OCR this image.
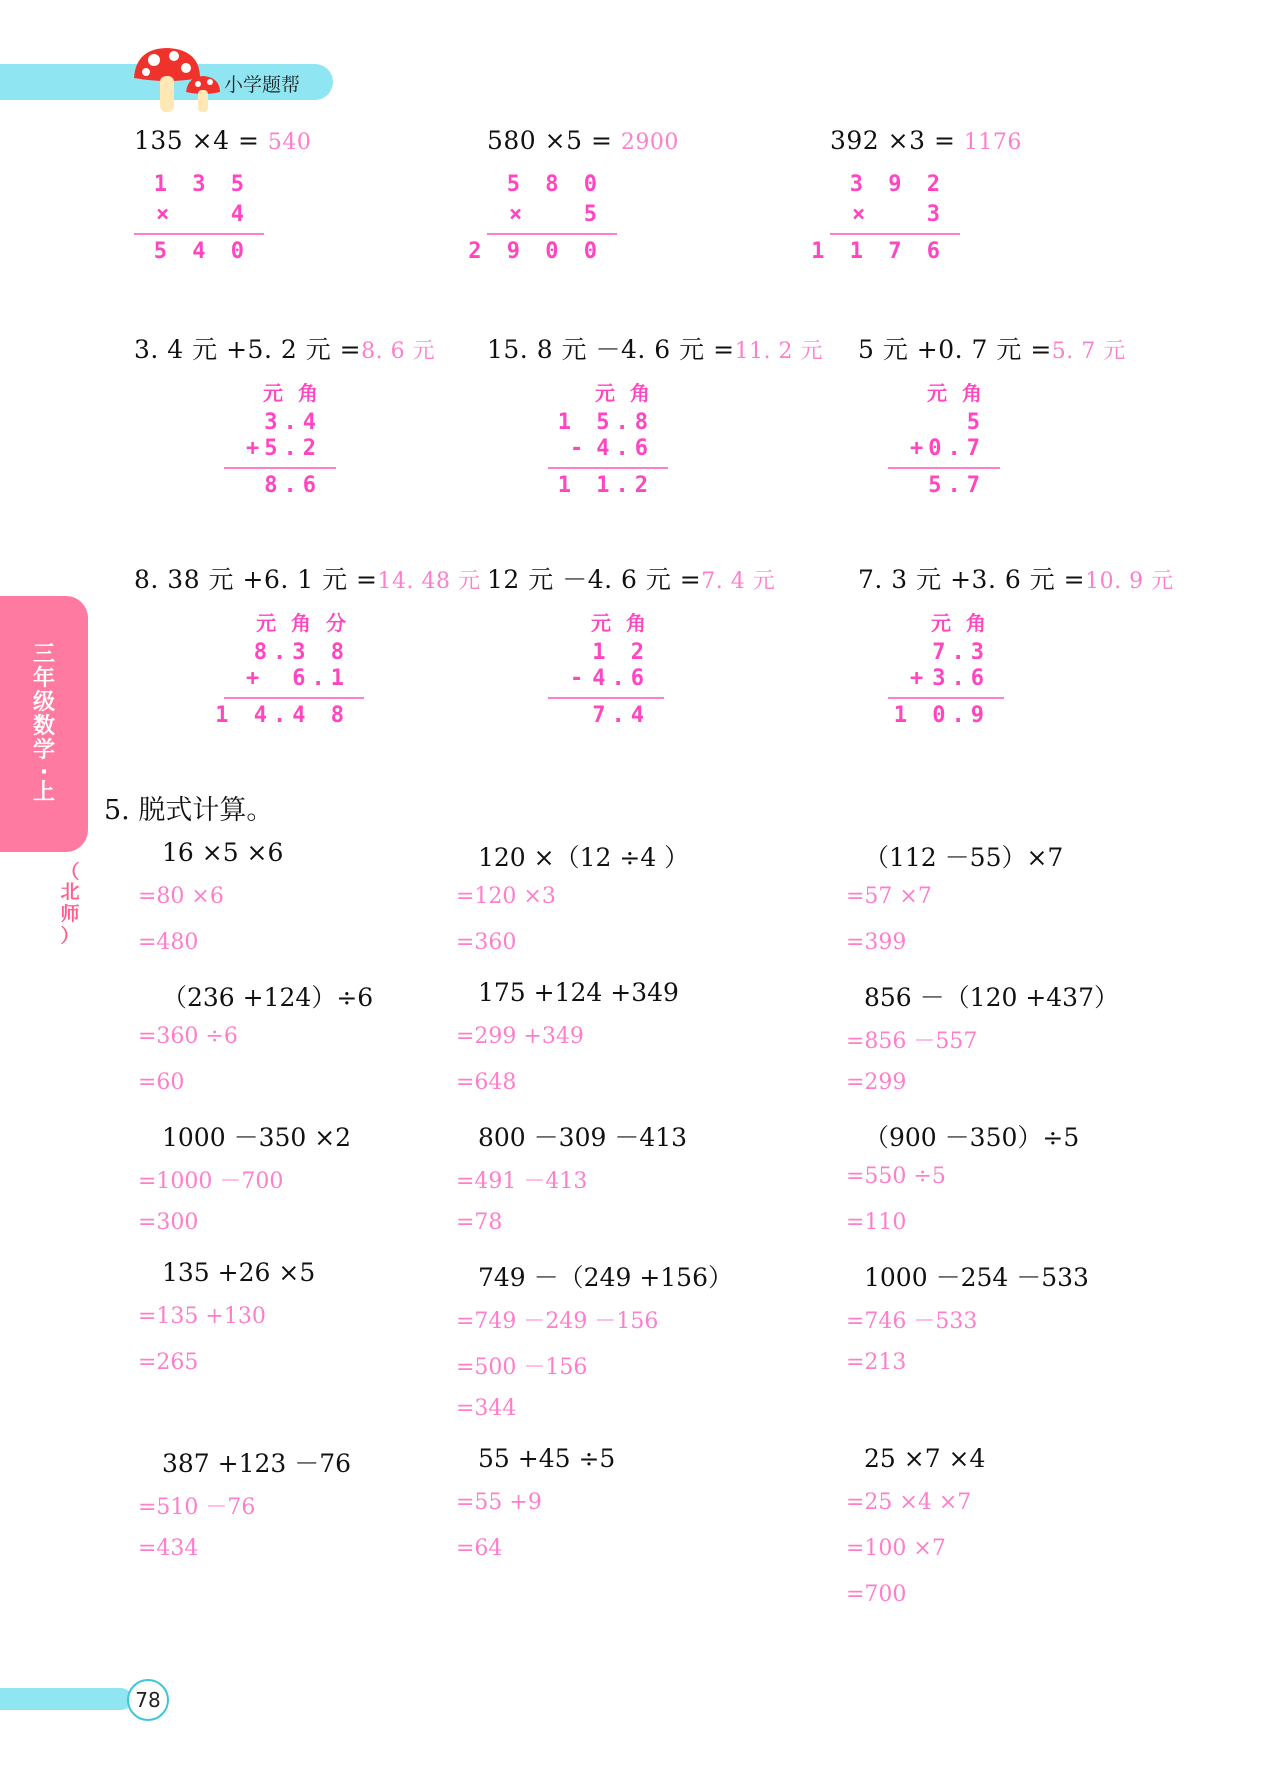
小学题帮
三
年
级
数
学
·
上
（
北
师
）
135 ×4 = 540	580 ×5 = 2900	392 ×3 = 1176
1 3 5
×	4
5 4 0
5 8 0
×	5
2 9 0 0
3 9 2
×	3
1 1 7 6
3. 4 元 +5. 2 元 =8. 6 元 15. 8 元 －4. 6 元 =11. 2 元 5 元 +0. 7 元 =5. 7 元
元 角
3.4
+ 5.2
8.6
元 角
1 5.8
- 4.6
1 1.2
元 角
5
+ 0.7
5.7
8. 38 元 +6. 1 元 =14. 48 元 12 元 －4. 6 元 =7. 4 元	7. 3 元 +3. 6 元 =10. 9 元
元 角 分
8.3 8
+ 6.1
1 4.4 8
元 角
1 2
- 4.6
7.4
元 角
7.3
+ 3.6
1 0.9
5. 脱式计算。
16 ×5 ×6
=80 ×6
=480
120 ×（12 ÷4 ）
=120 ×3
=360
（112 －55）×7
=57 ×7
=399
（236 +124）÷6
=360 ÷6
=60
175 +124 +349
=299 +349
=648
856 －（120 +437）
=856 －557
=299
1000 －350 ×2
=1000 －700
=300
800 －309 －413
=491 －413
=78
（900 －350）÷5
=550 ÷5
=110
135 +26 ×5
=135 +130
=265
749 －（249 +156）
=749 －249 －156
=500 －156
=344
1000 －254 －533
=746 －533
=213
387 +123 －76
=510 －76
=434
55 +45 ÷5
=55 +9
=64
25 ×7 ×4
=25 ×4 ×7
=100 ×7
=700
78
